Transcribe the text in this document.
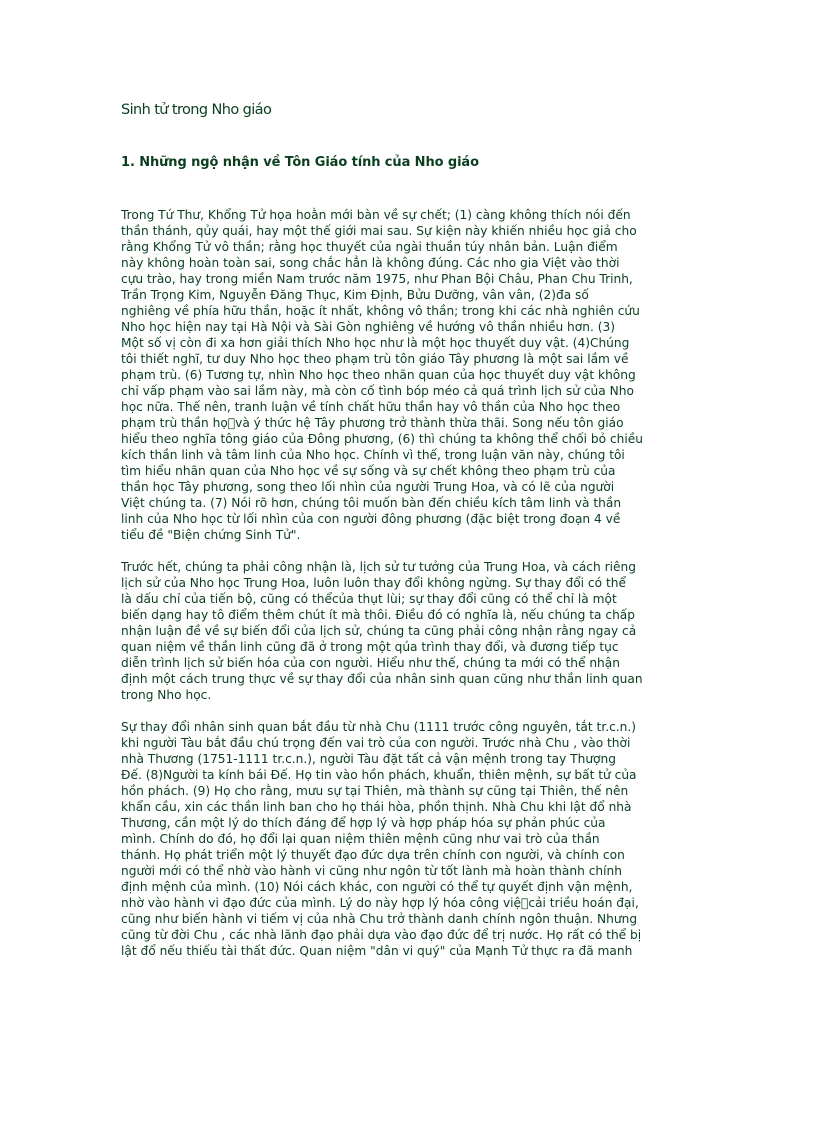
Sinh tử trong Nho giáo
1. Những ngộ nhận về Tôn Giáo tính của Nho giáo

Trong Tứ Thư, Khổng Tử họa hoằn mới bàn về sự chết; (1) càng không thích nói đến
thần thánh, qủy quái, hay một thế giới mai sau. Sự kiện này khiến nhiều học giả cho
rằng Khổng Tử vô thần; rằng học thuyết của ngài thuần túy nhân bản. Luận điểm
này không hoàn toàn sai, song chắc hẳn là không đúng. Các nho gia Việt vào thời
cựu trào, hay trong miền Nam trước năm 1975, như Phan Bội Châu, Phan Chu Trinh,
Trần Trọng Kim, Nguyễn Đăng Thục, Kim Định, Bửu Dưỡng, vân vân, (2)đa số
nghiêng về phía hữu thần, hoặc ít nhất, không vô thần; trong khi các nhà nghiên cứu
Nho học hiện nay tại Hà Nội và Sài Gòn nghiêng về hướng vô thần nhiều hơn. (3)
Một số vị còn đi xa hơn giải thích Nho học như là một học thuyết duy vật. (4)Chúng
tôi thiết nghĩ, tư duy Nho học theo phạm trù tôn giáo Tây phương là một sai lầm về
phạm trù. (6) Tương tự, nhìn Nho học theo nhãn quan của học thuyết duy vật không
chỉ vấp phạm vào sai lầm này, mà còn cố tình bóp méo cả quá trình lịch sử của Nho
học nữa. Thế nên, tranh luận về tính chất hữu thần hay vô thần của Nho học theo
phạm trù thần họ và ý thức hệ Tây phương trở thành thừa thãi. Song nếu tôn giáo
hiểu theo nghĩa tông giáo của Đông phương, (6) thì chúng ta không thể chối bỏ chiều
kích thần linh và tâm linh của Nho học. Chính vì thế, trong luận văn này, chúng tôi
tìm hiểu nhãn quan của Nho học về sự sống và sự chết không theo phạm trù của
thần học Tây phương, song theo lối nhìn của người Trung Hoa, và có lẽ của người
Việt chúng ta. (7) Nói rõ hơn, chúng tôi muốn bàn đến chiều kích tâm linh và thần
linh của Nho học từ lối nhìn của con người đông phương (đặc biệt trong đoạn 4 về
tiểu đề "Biện chứng Sinh Tử".

Trước hết, chúng ta phải công nhận là, lịch sử tư tưởng của Trung Hoa, và cách riêng
lịch sử của Nho học Trung Hoa, luôn luôn thay đổi không ngừng. Sự thay đổi có thể
là dấu chỉ của tiến bộ, cũng có thểcủa thụt lùi; sự thay đổi cũng có thể chỉ là một
biến dạng hay tô điểm thêm chút ít mà thôi. Điều đó có nghĩa là, nếu chúng ta chấp
nhận luận đề về sự biến đổi của lịch sử, chúng ta cũng phải công nhận rằng ngay cả
quan niệm về thần linh cũng đã ở trong một qúa trình thay đổi, và đương tiếp tục
diễn trình lịch sử biến hóa của con người. Hiểu như thế, chúng ta mới có thể nhận
định một cách trung thực về sự thay đổi của nhân sinh quan cũng như thần linh quan
trong Nho học.

Sự thay đổi nhân sinh quan bắt đầu từ nhà Chu (1111 trước công nguyên, tắt tr.c.n.)
khi người Tàu bắt đầu chú trọng đến vai trò của con người. Trước nhà Chu , vào thời
nhà Thương (1751-1111 tr.c.n.), người Tàu đặt tất cả vận mệnh trong tay Thượng
Đế. (8)Người ta kính bái Đế. Họ tin vào hồn phách, khuẩn, thiên mệnh, sự bất tử của
hồn phách. (9) Họ cho rằng, mưu sự tại Thiên, mà thành sự cũng tại Thiên, thế nên
khẩn cầu, xin các thần linh ban cho họ thái hòa, phồn thịnh. Nhà Chu khi lật đổ nhà
Thương, cần một lý do thích đáng để hợp lý và hợp pháp hóa sự phản phúc của
mình. Chính do đó, họ đổi lại quan niệm thiên mệnh cũng như vai trò của thần
thánh. Họ phát triển một lý thuyết đạo đức dựa trên chính con người, và chính con
người mới có thể nhờ vào hành vi cũng như ngôn từ tốt lành mà hoàn thành chính
định mệnh của mình. (10) Nói cách khác, con người có thể tự quyết định vận mệnh,
nhờ vào hành vi đạo đức của mình. Lý do này hợp lý hóa công việ cải triều hoán đại,
cũng như biến hành vi tiếm vị của nhà Chu trở thành danh chính ngôn thuận. Nhưng
cũng từ đời Chu , các nhà lãnh đạo phải dựa vào đạo đức để trị nước. Họ rất có thể bị
lật đổ nếu thiếu tài thất đức. Quan niệm "dân vi quý" của Mạnh Tử thực ra đã manh
